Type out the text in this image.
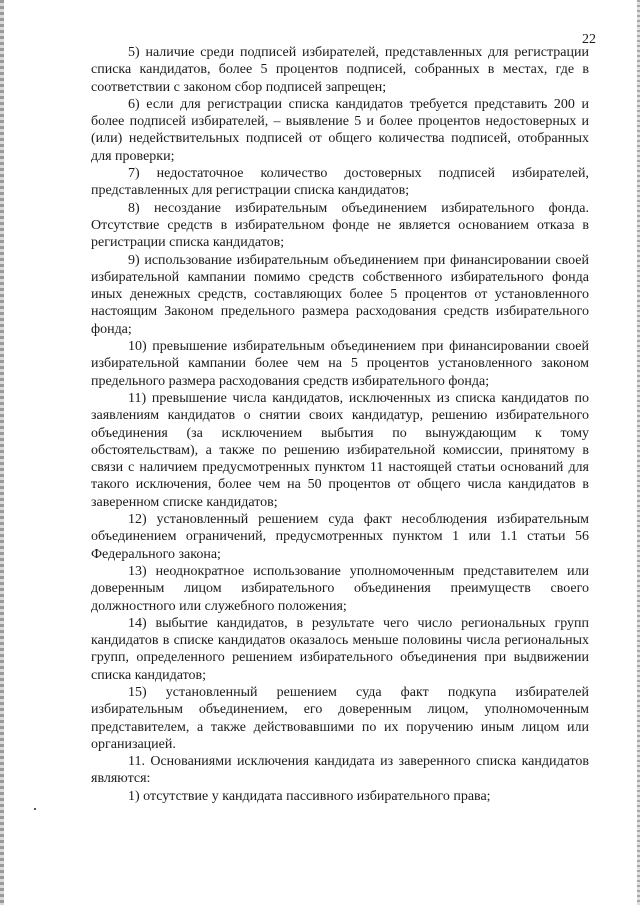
22

5) наличие среди подписей избирателей, представленных для регистрации списка кандидатов, более 5 процентов подписей, собранных в местах, где в соответствии с законом сбор подписей запрещен;

6) если для регистрации списка кандидатов требуется представить 200 и более подписей избирателей, – выявление 5 и более процентов недостоверных и (или) недействительных подписей от общего количества подписей, отобранных для проверки;

7) недостаточное количество достоверных подписей избирателей, представленных для регистрации списка кандидатов;

8) несоздание избирательным объединением избирательного фонда. Отсутствие средств в избирательном фонде не является основанием отказа в регистрации списка кандидатов;

9) использование избирательным объединением при финансировании своей избирательной кампании помимо средств собственного избирательного фонда иных денежных средств, составляющих более 5 процентов от установленного настоящим Законом предельного размера расходования средств избирательного фонда;

10) превышение избирательным объединением при финансировании своей избирательной кампании более чем на 5 процентов установленного законом предельного размера расходования средств избирательного фонда;

11) превышение числа кандидатов, исключенных из списка кандидатов по заявлениям кандидатов о снятии своих кандидатур, решению избирательного объединения (за исключением выбытия по вынуждающим к тому обстоятельствам), а также по решению избирательной комиссии, принятому в связи с наличием предусмотренных пунктом 11 настоящей статьи оснований для такого исключения, более чем на 50 процентов от общего числа кандидатов в заверенном списке кандидатов;

12) установленный решением суда факт несоблюдения избирательным объединением ограничений, предусмотренных пунктом 1 или 1.1 статьи 56 Федерального закона;

13) неоднократное использование уполномоченным представителем или доверенным лицом избирательного объединения преимуществ своего должностного или служебного положения;

14) выбытие кандидатов, в результате чего число региональных групп кандидатов в списке кандидатов оказалось меньше половины числа региональных групп, определенного решением избирательного объединения при выдвижении списка кандидатов;

15) установленный решением суда факт подкупа избирателей избирательным объединением, его доверенным лицом, уполномоченным представителем, а также действовавшими по их поручению иным лицом или организацией.

11. Основаниями исключения кандидата из заверенного списка кандидатов являются:

1) отсутствие у кандидата пассивного избирательного права;
